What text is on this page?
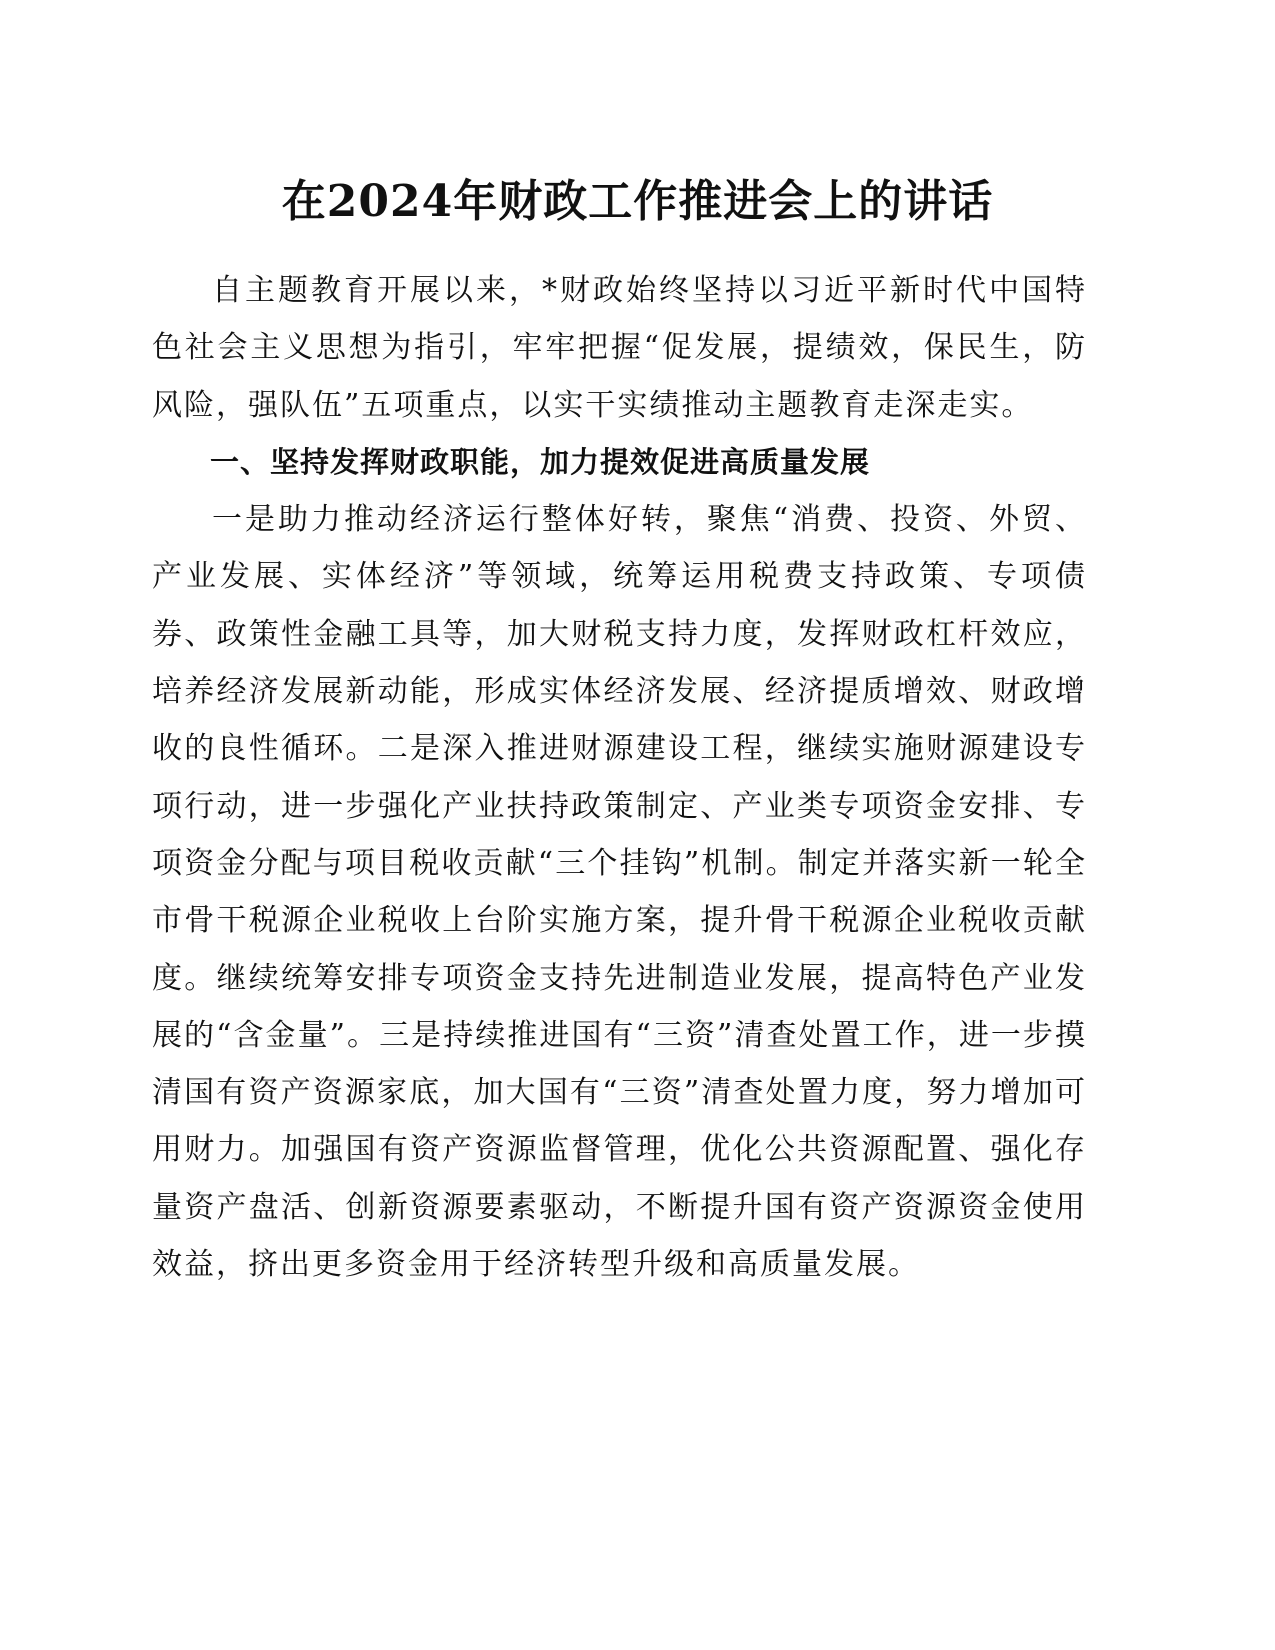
在2024年财政工作推进会上的讲话

自主题教育开展以来，*财政始终坚持以习近平新时代中国特色社会主义思想为指引，牢牢把握“促发展，提绩效，保民生，防风险，强队伍”五项重点，以实干实绩推动主题教育走深走实。

一、坚持发挥财政职能，加力提效促进高质量发展

一是助力推动经济运行整体好转，聚焦“消费、投资、外贸、产业发展、实体经济”等领域，统筹运用税费支持政策、专项债券、政策性金融工具等，加大财税支持力度，发挥财政杠杆效应，培养经济发展新动能，形成实体经济发展、经济提质增效、财政增收的良性循环。二是深入推进财源建设工程，继续实施财源建设专项行动，进一步强化产业扶持政策制定、产业类专项资金安排、专项资金分配与项目税收贡献“三个挂钩”机制。制定并落实新一轮全市骨干税源企业税收上台阶实施方案，提升骨干税源企业税收贡献度。继续统筹安排专项资金支持先进制造业发展，提高特色产业发展的“含金量”。三是持续推进国有“三资”清查处置工作，进一步摸清国有资产资源家底，加大国有“三资”清查处置力度，努力增加可用财力。加强国有资产资源监督管理，优化公共资源配置、强化存量资产盘活、创新资源要素驱动，不断提升国有资产资源资金使用效益，挤出更多资金用于经济转型升级和高质量发展。
